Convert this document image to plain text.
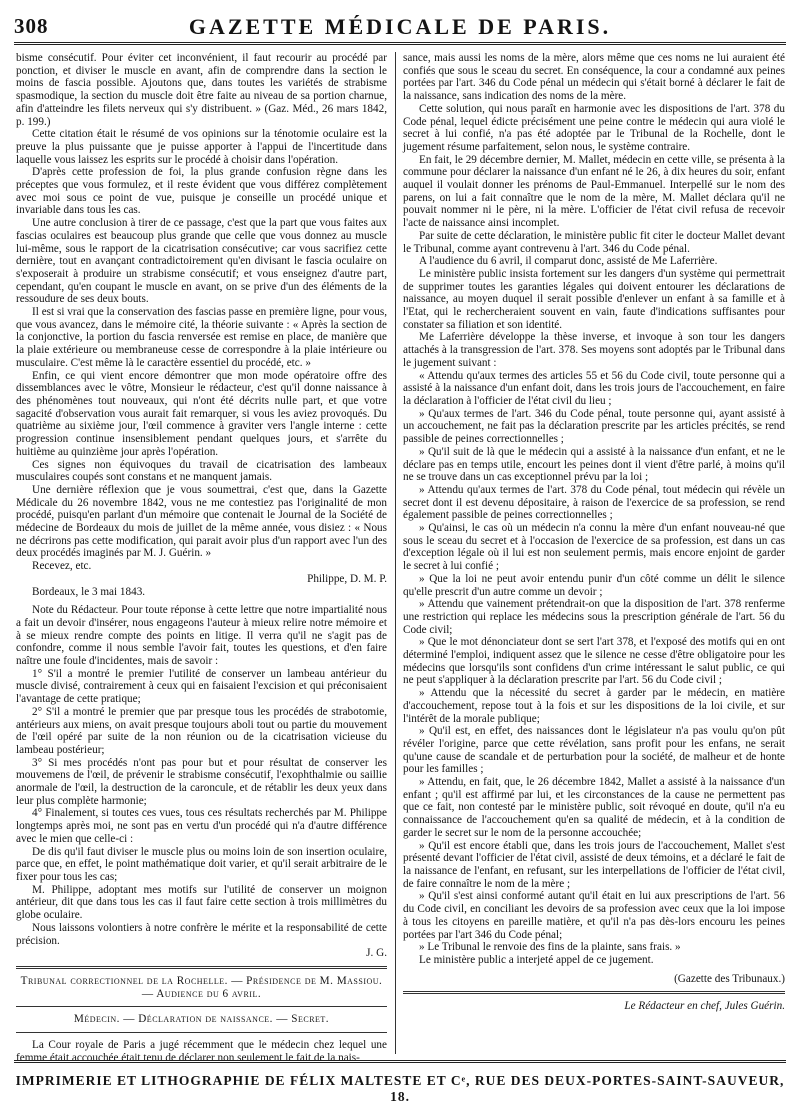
308	GAZETTE MÉDICALE DE PARIS.

bisme consécutif. Pour éviter cet inconvénient, il faut recourir au procédé par ponction, et diviser le muscle en avant, afin de comprendre dans la section le moins de fascia possible. Ajoutons que, dans toutes les variétés de strabisme spasmodique, la section du muscle doit être faite au niveau de sa portion charnue, afin d'atteindre les filets nerveux qui s'y distribuent. » (Gaz. Méd., 26 mars 1842, p. 199.)

Cette citation était le résumé de vos opinions sur la ténotomie oculaire est la preuve la plus puissante que je puisse apporter à l'appui de l'incertitude dans laquelle vous laissez les esprits sur le procédé à choisir dans l'opération.

D'après cette profession de foi, la plus grande confusion règne dans les préceptes que vous formulez, et il reste évident que vous différez complètement avec moi sous ce point de vue, puisque je conseille un procédé unique et invariable dans tous les cas.

Une autre conclusion à tirer de ce passage, c'est que la part que vous faites aux fascias oculaires est beaucoup plus grande que celle que vous donnez au muscle lui-même, sous le rapport de la cicatrisation consécutive; car vous sacrifiez cette dernière, tout en avançant contradictoirement qu'en divisant le fascia oculaire on s'exposerait à produire un strabisme consécutif; et vous enseignez d'autre part, cependant, qu'en coupant le muscle en avant, on se prive d'un des éléments de la ressoudure de ses deux bouts.

Il est si vrai que la conservation des fascias passe en première ligne, pour vous, que vous avancez, dans le mémoire cité, la théorie suivante : « Après la section de la conjonctive, la portion du fascia renversée est remise en place, de manière que la plaie extérieure ou membraneuse cesse de correspondre à la plaie intérieure ou musculaire. C'est même là le caractère essentiel du procédé, etc. »

Enfin, ce qui vient encore démontrer que mon mode opératoire offre des dissemblances avec le vôtre, Monsieur le rédacteur, c'est qu'il donne naissance à des phénomènes tout nouveaux, qui n'ont été décrits nulle part, et que votre sagacité d'observation vous aurait fait remarquer, si vous les aviez provoqués. Du quatrième au sixième jour, l'œil commence à graviter vers l'angle interne : cette progression continue insensiblement pendant quelques jours, et s'arrête du huitième au quinzième jour après l'opération.

Ces signes non équivoques du travail de cicatrisation des lambeaux musculaires coupés sont constans et ne manquent jamais.

Une dernière réflexion que je vous soumettrai, c'est que, dans la Gazette Médicale du 26 novembre 1842, vous ne me contestiez pas l'originalité de mon procédé, puisqu'en parlant d'un mémoire que contenait le Journal de la Société de médecine de Bordeaux du mois de juillet de la même année, vous disiez : « Nous ne décrirons pas cette modification, qui parait avoir plus d'un rapport avec l'un des deux procédés imaginés par M. J. Guérin. »

Recevez, etc.

Philippe, D. M. P.

Bordeaux, le 3 mai 1843.

Note du Rédacteur. Pour toute réponse à cette lettre que notre impartialité nous a fait un devoir d'insérer, nous engageons l'auteur à mieux relire notre mémoire et à se mieux rendre compte des points en litige. Il verra qu'il ne s'agit pas de confondre, comme il nous semble l'avoir fait, toutes les questions, et d'en faire naître une foule d'incidentes, mais de savoir :

1° S'il a montré le premier l'utilité de conserver un lambeau antérieur du muscle divisé, contrairement à ceux qui en faisaient l'excision et qui préconisaient l'avantage de cette pratique;

2° S'il a montré le premier que par presque tous les procédés de strabotomie, antérieurs aux miens, on avait presque toujours aboli tout ou partie du mouvement de l'œil opéré par suite de la non réunion ou de la cicatrisation vicieuse du lambeau postérieur;

3° Si mes procédés n'ont pas pour but et pour résultat de conserver les mouvemens de l'œil, de prévenir le strabisme consécutif, l'exophthalmie ou saillie anormale de l'œil, la destruction de la caroncule, et de rétablir les deux yeux dans leur plus complète harmonie;

4° Finalement, si toutes ces vues, tous ces résultats recherchés par M. Philippe longtemps après moi, ne sont pas en vertu d'un procédé qui n'a d'autre différence avec le mien que celle-ci :

De dis qu'il faut diviser le muscle plus ou moins loin de son insertion oculaire, parce que, en effet, le point mathématique doit varier, et qu'il serait arbitraire de le fixer pour tous les cas;

M. Philippe, adoptant mes motifs sur l'utilité de conserver un moignon antérieur, dit que dans tous les cas il faut faire cette section à trois millimètres du globe oculaire.

Nous laissons volontiers à notre confrère le mérite et la responsabilité de cette précision.

J. G.

Tribunal correctionnel de la Rochelle. — Présidence de M. Massiou. — Audience du 6 avril.

Médecin. — Déclaration de naissance. — Secret.

La Cour royale de Paris a jugé récemment que le médecin chez lequel une femme était accouchée était tenu de déclarer non seulement le fait de la nais-

sance, mais aussi les noms de la mère, alors même que ces noms ne lui auraient été confiés que sous le sceau du secret. En conséquence, la cour a condamné aux peines portées par l'art. 346 du Code pénal un médecin qui s'était borné à déclarer le fait de la naissance, sans indication des noms de la mère.

Cette solution, qui nous paraît en harmonie avec les dispositions de l'art. 378 du Code pénal, lequel édicte précisément une peine contre le médecin qui aura violé le secret à lui confié, n'a pas été adoptée par le Tribunal de la Rochelle, dont le jugement résume parfaitement, selon nous, le système contraire.

En fait, le 29 décembre dernier, M. Mallet, médecin en cette ville, se présenta à la commune pour déclarer la naissance d'un enfant né le 26, à dix heures du soir, enfant auquel il voulait donner les prénoms de Paul-Emmanuel. Interpellé sur le nom des parens, on lui a fait connaître que le nom de la mère, M. Mallet déclara qu'il ne pouvait nommer ni le père, ni la mère. L'officier de l'état civil refusa de recevoir l'acte de naissance ainsi incomplet.

Par suite de cette déclaration, le ministère public fit citer le docteur Mallet devant le Tribunal, comme ayant contrevenu à l'art. 346 du Code pénal.

A l'audience du 6 avril, il comparut donc, assisté de Me Laferrière.

Le ministère public insista fortement sur les dangers d'un système qui permettrait de supprimer toutes les garanties légales qui doivent entourer les déclarations de naissance, au moyen duquel il serait possible d'enlever un enfant à sa famille et à l'Etat, qui le rechercheraient souvent en vain, faute d'indications suffisantes pour constater sa filiation et son identité.

Me Laferrière développe la thèse inverse, et invoque à son tour les dangers attachés à la transgression de l'art. 378. Ses moyens sont adoptés par le Tribunal dans le jugement suivant :

« Attendu qu'aux termes des articles 55 et 56 du Code civil, toute personne qui a assisté à la naissance d'un enfant doit, dans les trois jours de l'accouchement, en faire la déclaration à l'officier de l'état civil du lieu ;

» Qu'aux termes de l'art. 346 du Code pénal, toute personne qui, ayant assisté à un accouchement, ne fait pas la déclaration prescrite par les articles précités, se rend passible de peines correctionnelles ;

» Qu'il suit de là que le médecin qui a assisté à la naissance d'un enfant, et ne le déclare pas en temps utile, encourt les peines dont il vient d'être parlé, à moins qu'il ne se trouve dans un cas exceptionnel prévu par la loi ;

» Attendu qu'aux termes de l'art. 378 du Code pénal, tout médecin qui révèle un secret dont il est devenu dépositaire, à raison de l'exercice de sa profession, se rend également passible de peines correctionnelles ;

» Qu'ainsi, le cas où un médecin n'a connu la mère d'un enfant nouveau-né que sous le sceau du secret et à l'occasion de l'exercice de sa profession, est dans un cas d'exception légale où il lui est non seulement permis, mais encore enjoint de garder le secret à lui confié ;

» Que la loi ne peut avoir entendu punir d'un côté comme un délit le silence qu'elle prescrit d'un autre comme un devoir ;

» Attendu que vainement prétendrait-on que la disposition de l'art. 378 renferme une restriction qui replace les médecins sous la prescription générale de l'art. 56 du Code civil;

» Que le mot dénonciateur dont se sert l'art 378, et l'exposé des motifs qui en ont déterminé l'emploi, indiquent assez que le silence ne cesse d'être obligatoire pour les médecins que lorsqu'ils sont confidens d'un crime intéressant le salut public, ce qui ne peut s'appliquer à la déclaration prescrite par l'art. 56 du Code civil ;

» Attendu que la nécessité du secret à garder par le médecin, en matière d'accouchement, repose tout à la fois et sur les dispositions de la loi civile, et sur l'intérêt de la morale publique;

» Qu'il est, en effet, des naissances dont le législateur n'a pas voulu qu'on pût révéler l'origine, parce que cette révélation, sans profit pour les enfans, ne serait qu'une cause de scandale et de perturbation pour la société, de malheur et de honte pour les familles ;

» Attendu, en fait, que, le 26 décembre 1842, Mallet a assisté à la naissance d'un enfant ; qu'il est affirmé par lui, et les circonstances de la cause ne permettent pas que ce fait, non contesté par le ministère public, soit révoqué en doute, qu'il n'a eu connaissance de l'accouchement qu'en sa qualité de médecin, et à la condition de garder le secret sur le nom de la personne accouchée;

» Qu'il est encore établi que, dans les trois jours de l'accouchement, Mallet s'est présenté devant l'officier de l'état civil, assisté de deux témoins, et a déclaré le fait de la naissance de l'enfant, en refusant, sur les interpellations de l'officier de l'état civil, de faire connaître le nom de la mère ;

» Qu'il s'est ainsi conformé autant qu'il était en lui aux prescriptions de l'art. 56 du Code civil, en conciliant les devoirs de sa profession avec ceux que la loi impose à tous les citoyens en pareille matière, et qu'il n'a pas dès-lors encouru les peines portées par l'art 346 du Code pénal;

» Le Tribunal le renvoie des fins de la plainte, sans frais. »

Le ministère public a interjeté appel de ce jugement.

(Gazette des Tribunaux.)

Le Rédacteur en chef, Jules Guérin.

IMPRIMERIE ET LITHOGRAPHIE DE FÉLIX MALTESTE ET Cᵉ, RUE DES DEUX-PORTES-SAINT-SAUVEUR, 18.
